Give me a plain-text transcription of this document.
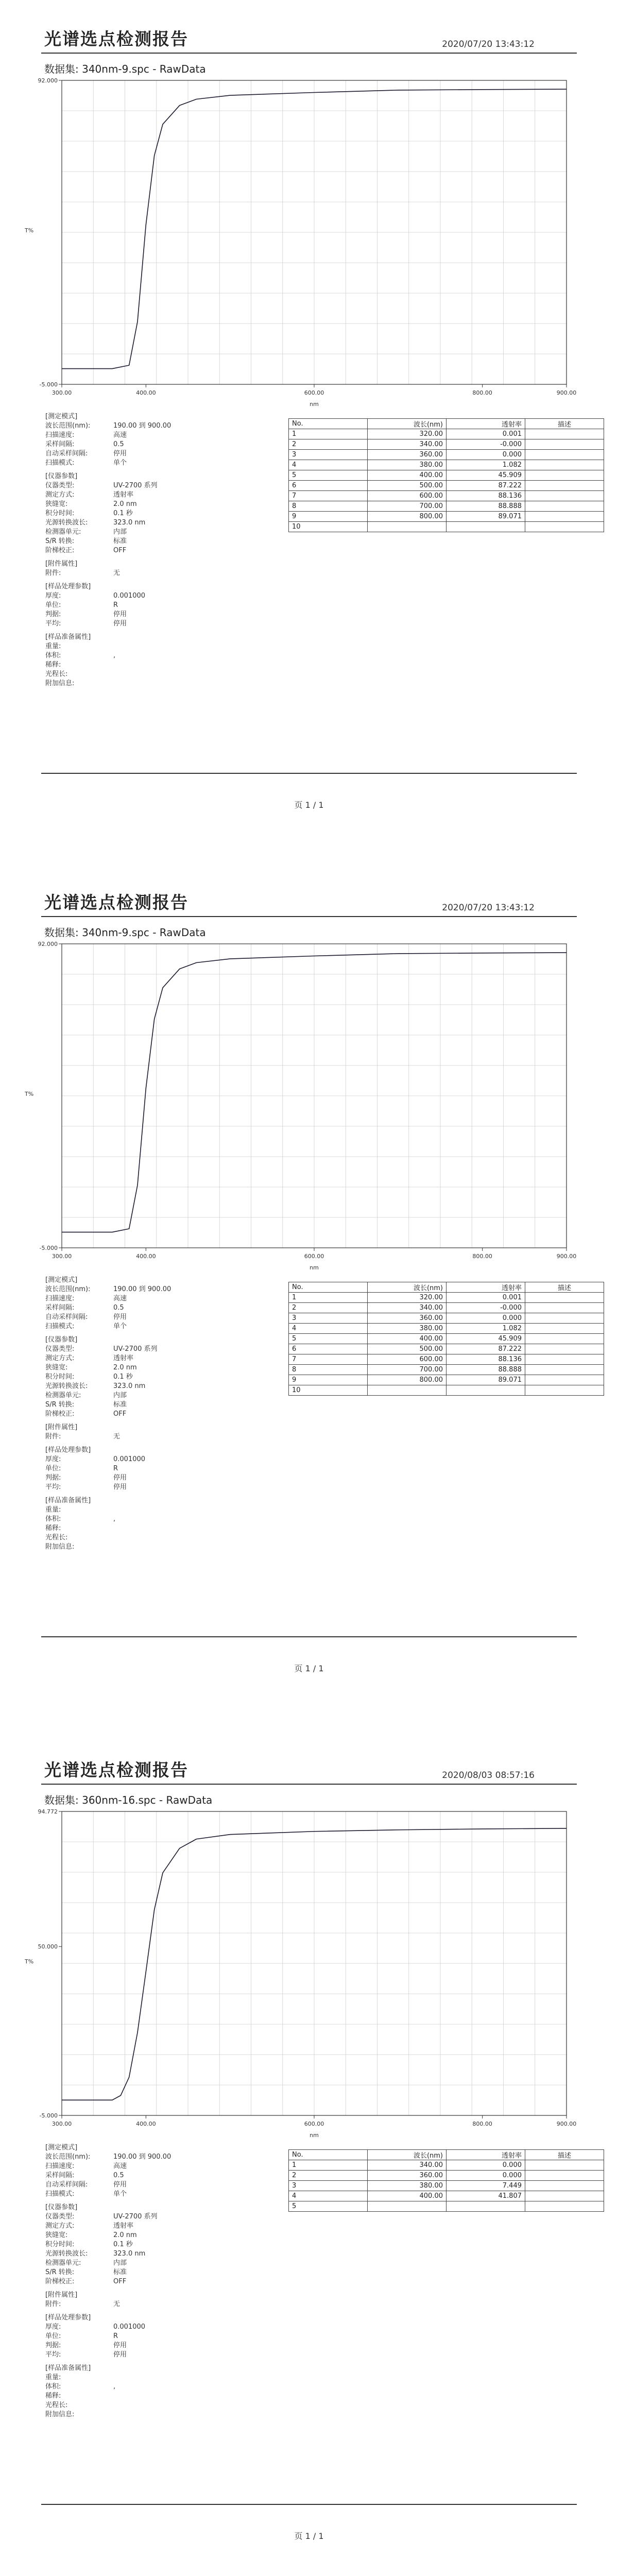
光谱选点检测报告	2020/07/20 13:43:12
数据集: 340nm-9.spc - RawData
300.00	400.00	600.00	800.00	900.00
92.000
-5.000
nm
T%
[测定模式]
波长范围(nm):	190.00 到 900.00
扫描速度:	高速
采样间隔:	0.5
自动采样间隔:	停用
扫描模式:	单个
[仪器参数]
仪器类型:	UV-2700 系列
测定方式:	透射率
狭缝宽:	2.0 nm
积分时间:	0.1 秒
光源转换波长:	323.0 nm
检测器单元:	内部
S/R 转换:	标准
阶梯校正:	OFF
[附件属性]
附件:	无
[样品处理参数]
厚度:	0.001000
单位:	R
判据:	停用
平均:	停用
[样品准备属性]
重量:
体积:	,
稀释:
光程长:
附加信息:
No.	波长(nm)	透射率	描述
1	320.00	0.001	
2	340.00	-0.000	
3	360.00	0.000	
4	380.00	1.082	
5	400.00	45.909	
6	500.00	87.222	
7	600.00	88.136	
8	700.00	88.888	
9	800.00	89.071	
10			
页 1 / 1
光谱选点检测报告	2020/07/20 13:43:12
数据集: 340nm-9.spc - RawData
300.00	400.00	600.00	800.00	900.00
92.000
-5.000
nm
T%
[测定模式]
波长范围(nm):	190.00 到 900.00
扫描速度:	高速
采样间隔:	0.5
自动采样间隔:	停用
扫描模式:	单个
[仪器参数]
仪器类型:	UV-2700 系列
测定方式:	透射率
狭缝宽:	2.0 nm
积分时间:	0.1 秒
光源转换波长:	323.0 nm
检测器单元:	内部
S/R 转换:	标准
阶梯校正:	OFF
[附件属性]
附件:	无
[样品处理参数]
厚度:	0.001000
单位:	R
判据:	停用
平均:	停用
[样品准备属性]
重量:
体积:	,
稀释:
光程长:
附加信息:
No.	波长(nm)	透射率	描述
1	320.00	0.001	
2	340.00	-0.000	
3	360.00	0.000	
4	380.00	1.082	
5	400.00	45.909	
6	500.00	87.222	
7	600.00	88.136	
8	700.00	88.888	
9	800.00	89.071	
10			
页 1 / 1
光谱选点检测报告	2020/08/03 08:57:16
数据集: 360nm-16.spc - RawData
300.00	400.00	600.00	800.00	900.00
94.772
50.000
-5.000
nm
T%
[测定模式]
波长范围(nm):	190.00 到 900.00
扫描速度:	高速
采样间隔:	0.5
自动采样间隔:	停用
扫描模式:	单个
[仪器参数]
仪器类型:	UV-2700 系列
测定方式:	透射率
狭缝宽:	2.0 nm
积分时间:	0.1 秒
光源转换波长:	323.0 nm
检测器单元:	内部
S/R 转换:	标准
阶梯校正:	OFF
[附件属性]
附件:	无
[样品处理参数]
厚度:	0.001000
单位:	R
判据:	停用
平均:	停用
[样品准备属性]
重量:
体积:	,
稀释:
光程长:
附加信息:
No.	波长(nm)	透射率	描述
1	340.00	0.000	
2	360.00	0.000	
3	380.00	7.449	
4	400.00	41.807	
5			
页 1 / 1
